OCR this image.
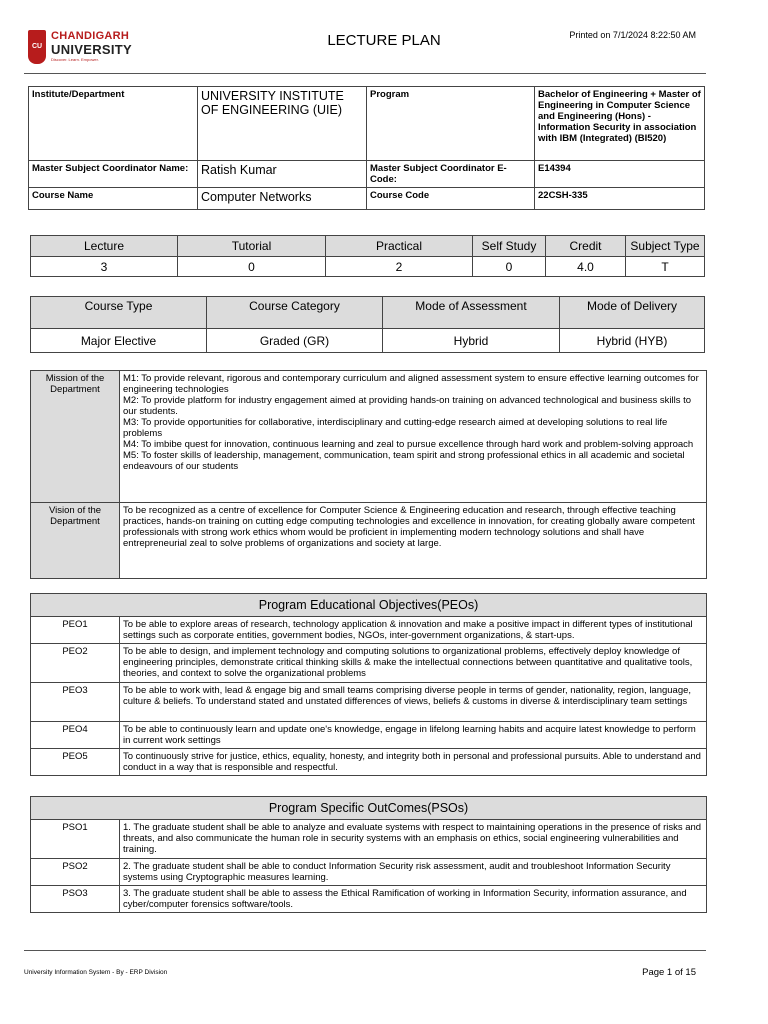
CU
CHANDIGARH
UNIVERSITY
Discover. Learn. Empower.
LECTURE PLAN	Printed on 7/1/2024 8:22:50 AM
Institute/Department	UNIVERSITY INSTITUTE OF ENGINEERING (UIE)	Program	Bachelor of Engineering + Master of Engineering in Computer Science and Engineering (Hons) - Information Security in association with IBM (Integrated) (BI520)
Master Subject Coordinator Name:	Ratish Kumar	Master Subject Coordinator E-Code:	E14394
Course Name	Computer Networks	Course Code	22CSH-335
Lecture	Tutorial	Practical	Self Study	Credit	Subject Type
3	0	2	0	4.0	T
Course Type	Course Category	Mode of Assessment	Mode of Delivery
Major Elective	Graded (GR)	Hybrid	Hybrid (HYB)
Mission of the Department	M1: To provide relevant, rigorous and contemporary curriculum and aligned assessment system to ensure effective learning outcomes for engineering technologies
M2: To provide platform for industry engagement aimed at providing hands-on training on advanced technological and business skills to our students.
M3: To provide opportunities for collaborative, interdisciplinary and cutting-edge research aimed at developing solutions to real life problems
M4: To imbibe quest for innovation, continuous learning and zeal to pursue excellence through hard work and problem-solving approach
M5: To foster skills of leadership, management, communication, team spirit and strong professional ethics in all academic and societal endeavours of our students

Vision of the Department	To be recognized as a centre of excellence for Computer Science & Engineering education and research, through effective teaching practices, hands-on training on cutting edge computing technologies and excellence in innovation, for creating globally aware competent professionals with strong work ethics whom would be proficient in implementing modern technology solutions and shall have entrepreneurial zeal to solve problems of organizations and society at large.
Program Educational Objectives(PEOs)	
PEO1	To be able to explore areas of research, technology application & innovation and make a positive impact in different types of institutional settings such as corporate entities, government bodies, NGOs, inter-government organizations, & start-ups.
PEO2	To be able to design, and implement technology and computing solutions to organizational problems, effectively deploy knowledge of engineering principles, demonstrate critical thinking skills & make the intellectual connections between quantitative and qualitative tools, theories, and context to solve the organizational problems
PEO3	To be able to work with, lead & engage big and small teams comprising diverse people in terms of gender, nationality, region, language, culture & beliefs. To understand stated and unstated differences of views, beliefs & customs in diverse & interdisciplinary team settings
PEO4	To be able to continuously learn and update one's knowledge, engage in lifelong learning habits and acquire latest knowledge to perform in current work settings
PEO5	To continuously strive for justice, ethics, equality, honesty, and integrity both in personal and professional pursuits. Able to understand and conduct in a way that is responsible and respectful.
Program Specific OutComes(PSOs)	
PSO1	1. The graduate student shall be able to analyze and evaluate systems with respect to maintaining operations in the presence of risks and threats, and also communicate the human role in security systems with an emphasis on ethics, social engineering vulnerabilities and training.
PSO2	2. The graduate student shall be able to conduct Information Security risk assessment, audit and troubleshoot Information Security systems using Cryptographic measures learning.
PSO3	3. The graduate student shall be able to assess the Ethical Ramification of working in Information Security, information assurance, and cyber/computer forensics software/tools.
University Information System - By - ERP Division	Page 1 of 15
